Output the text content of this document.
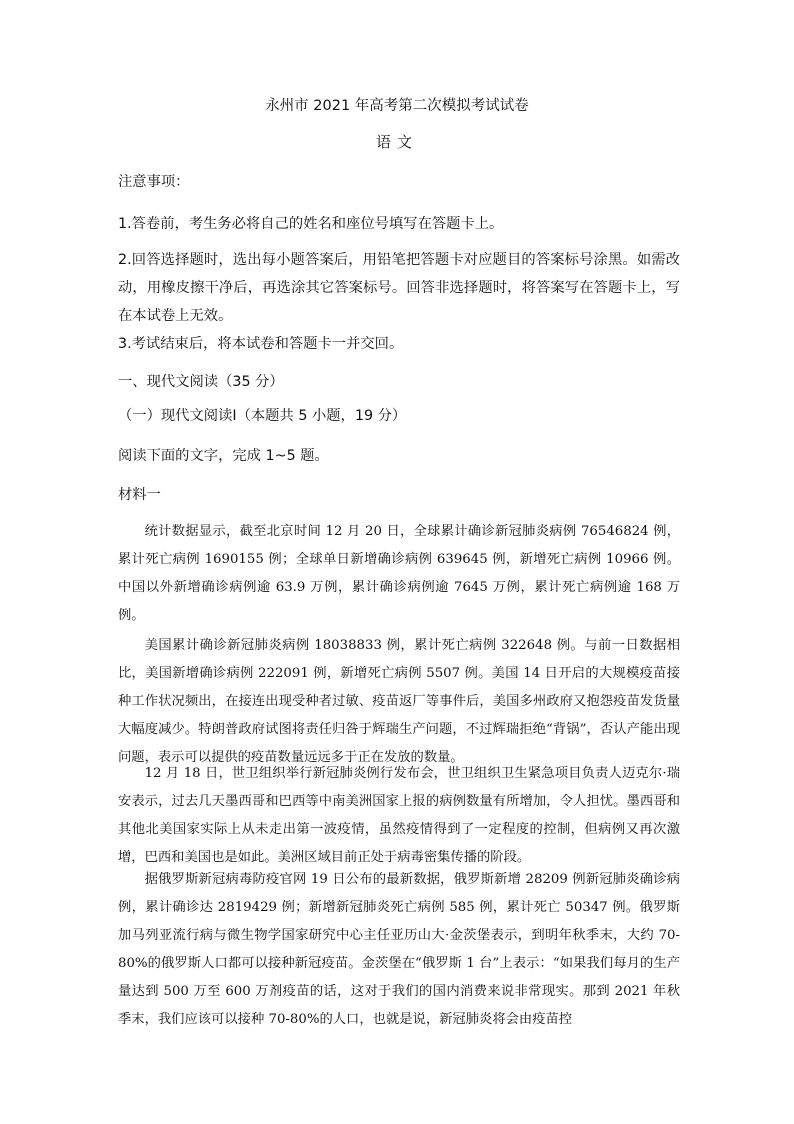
永州市 2021 年高考第二次模拟考试试卷
语文
注意事项：
1.答卷前，考生务必将自己的姓名和座位号填写在答题卡上。
2.回答选择题时，选出每小题答案后，用铅笔把答题卡对应题目的答案标号涂黑。如需改动，用橡皮擦干净后，再选涂其它答案标号。回答非选择题时，将答案写在答题卡上，写在本试卷上无效。
3.考试结束后，将本试卷和答题卡一并交回。
一、现代文阅读（35 分）
（一）现代文阅读Ⅰ（本题共 5 小题，19 分）
阅读下面的文字，完成 1~5 题。
材料一
统计数据显示，截至北京时间 12 月 20 日，全球累计确诊新冠肺炎病例 76546824 例，累计死亡病例 1690155 例；全球单日新增确诊病例 639645 例，新增死亡病例 10966 例。中国以外新增确诊病例逾 63.9 万例，累计确诊病例逾 7645 万例，累计死亡病例逾 168 万例。
美国累计确诊新冠肺炎病例 18038833 例，累计死亡病例 322648 例。与前一日数据相比，美国新增确诊病例 222091 例，新增死亡病例 5507 例。美国 14 日开启的大规模疫苗接种工作状况频出，在接连出现受种者过敏、疫苗返厂等事件后，美国多州政府又抱怨疫苗发货量大幅度减少。特朗普政府试图将责任归咎于辉瑞生产问题，不过辉瑞拒绝“背锅”，否认产能出现问题，表示可以提供的疫苗数量远远多于正在发放的数量。
12 月 18 日，世卫组织举行新冠肺炎例行发布会，世卫组织卫生紧急项目负责人迈克尔·瑞安表示，过去几天墨西哥和巴西等中南美洲国家上报的病例数量有所增加，令人担忧。墨西哥和其他北美国家实际上从未走出第一波疫情，虽然疫情得到了一定程度的控制，但病例又再次激增，巴西和美国也是如此。美洲区域目前正处于病毒密集传播的阶段。
据俄罗斯新冠病毒防疫官网 19 日公布的最新数据，俄罗斯新增 28209 例新冠肺炎确诊病例，累计确诊达 2819429 例；新增新冠肺炎死亡病例 585 例，累计死亡 50347 例。俄罗斯加马列亚流行病与微生物学国家研究中心主任亚历山大·金茨堡表示，到明年秋季末，大约 70-80%的俄罗斯人口都可以接种新冠疫苗。金茨堡在“俄罗斯 1 台”上表示：“如果我们每月的生产量达到 500 万至 600 万剂疫苗的话，这对于我们的国内消费来说非常现实。那到 2021 年秋季末，我们应该可以接种 70-80%的人口，也就是说，新冠肺炎将会由疫苗控
